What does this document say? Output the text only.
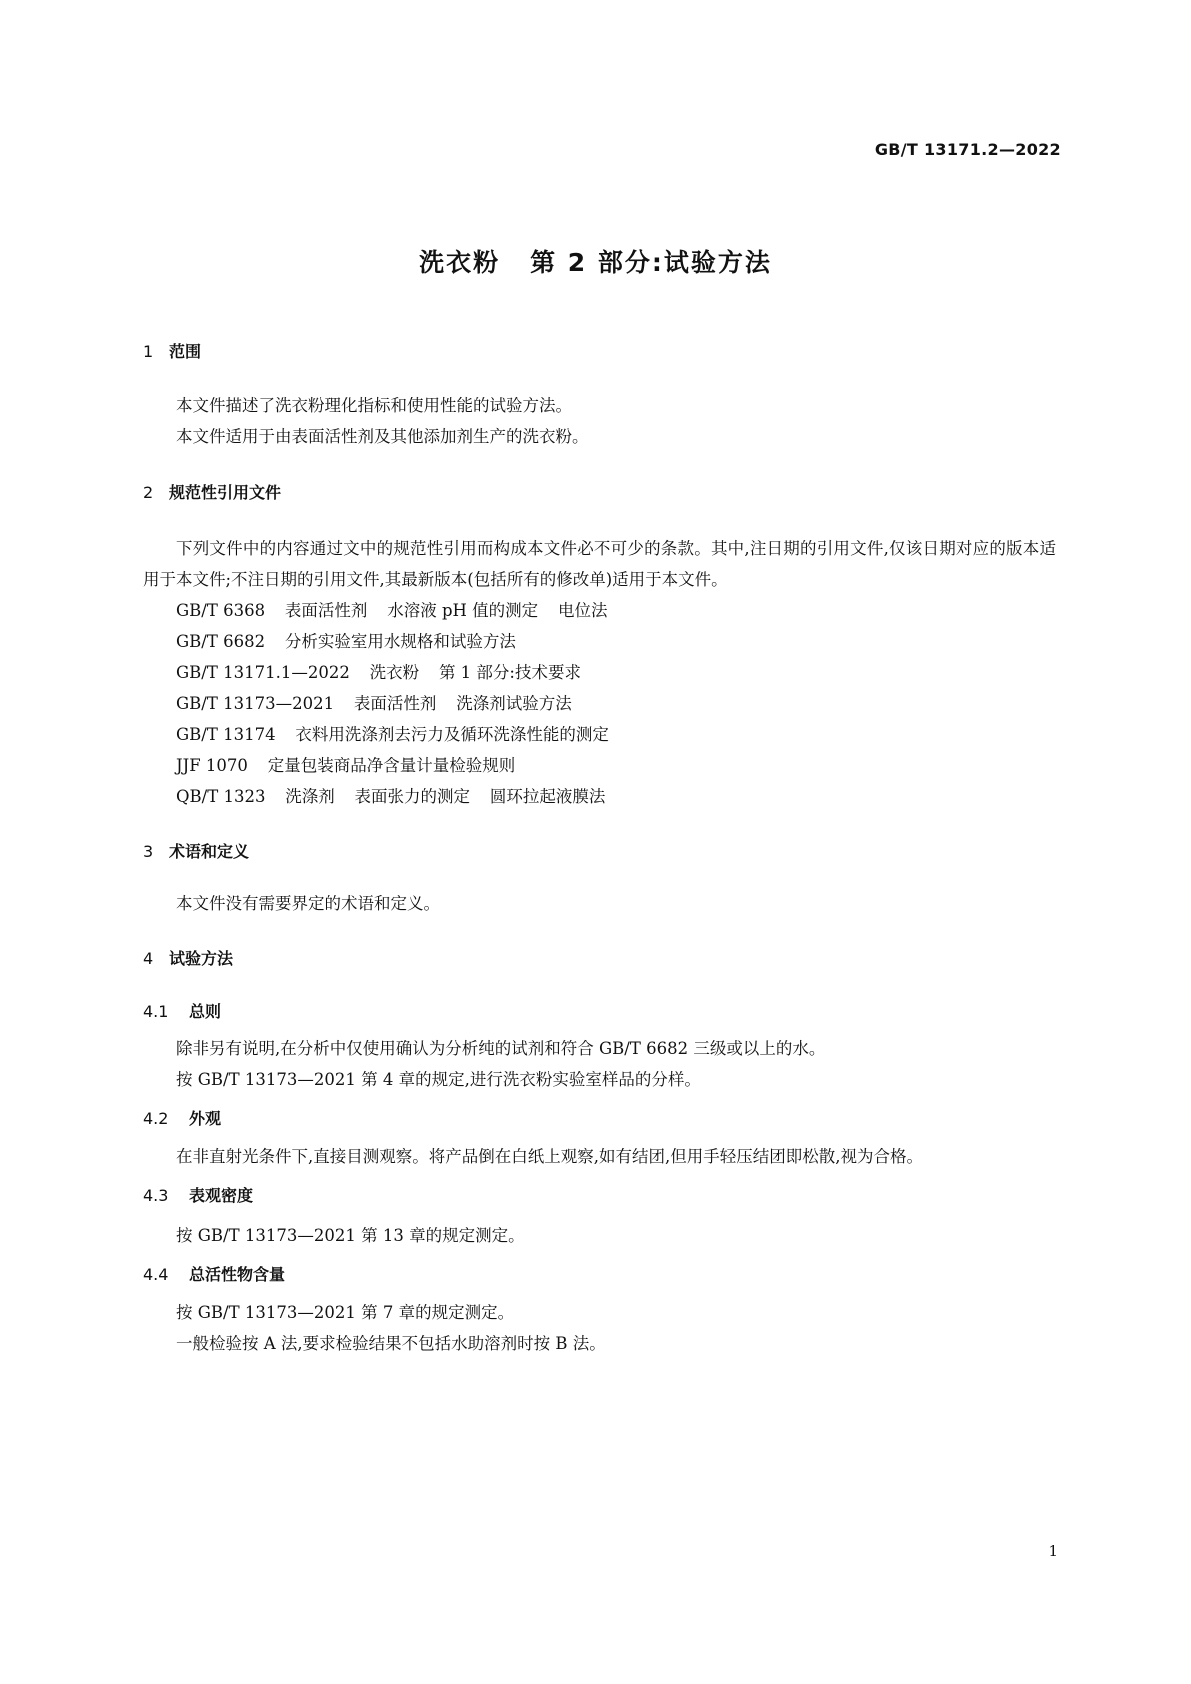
GB/T 13171.2—2022
洗衣粉 第 2 部分:试验方法
1 范围

本文件描述了洗衣粉理化指标和使用性能的试验方法。

本文件适用于由表面活性剂及其他添加剂生产的洗衣粉。

2 规范性引用文件

下列文件中的内容通过文中的规范性引用而构成本文件必不可少的条款。其中,注日期的引用文件,仅该日期对应的版本适用于本文件;不注日期的引用文件,其最新版本(包括所有的修改单)适用于本文件。

GB/T 6368 表面活性剂 水溶液 pH 值的测定 电位法

GB/T 6682 分析实验室用水规格和试验方法

GB/T 13171.1—2022 洗衣粉 第 1 部分:技术要求

GB/T 13173—2021 表面活性剂 洗涤剂试验方法

GB/T 13174 衣料用洗涤剂去污力及循环洗涤性能的测定

JJF 1070 定量包装商品净含量计量检验规则

QB/T 1323 洗涤剂 表面张力的测定 圆环拉起液膜法

3 术语和定义

本文件没有需要界定的术语和定义。

4 试验方法
4.1 总则

除非另有说明,在分析中仅使用确认为分析纯的试剂和符合 GB/T 6682 三级或以上的水。

按 GB/T 13173—2021 第 4 章的规定,进行洗衣粉实验室样品的分样。

4.2 外观

在非直射光条件下,直接目测观察。将产品倒在白纸上观察,如有结团,但用手轻压结团即松散,视为合格。

4.3 表观密度

按 GB/T 13173—2021 第 13 章的规定测定。

4.4 总活性物含量

按 GB/T 13173—2021 第 7 章的规定测定。

一般检验按 A 法,要求检验结果不包括水助溶剂时按 B 法。

1
